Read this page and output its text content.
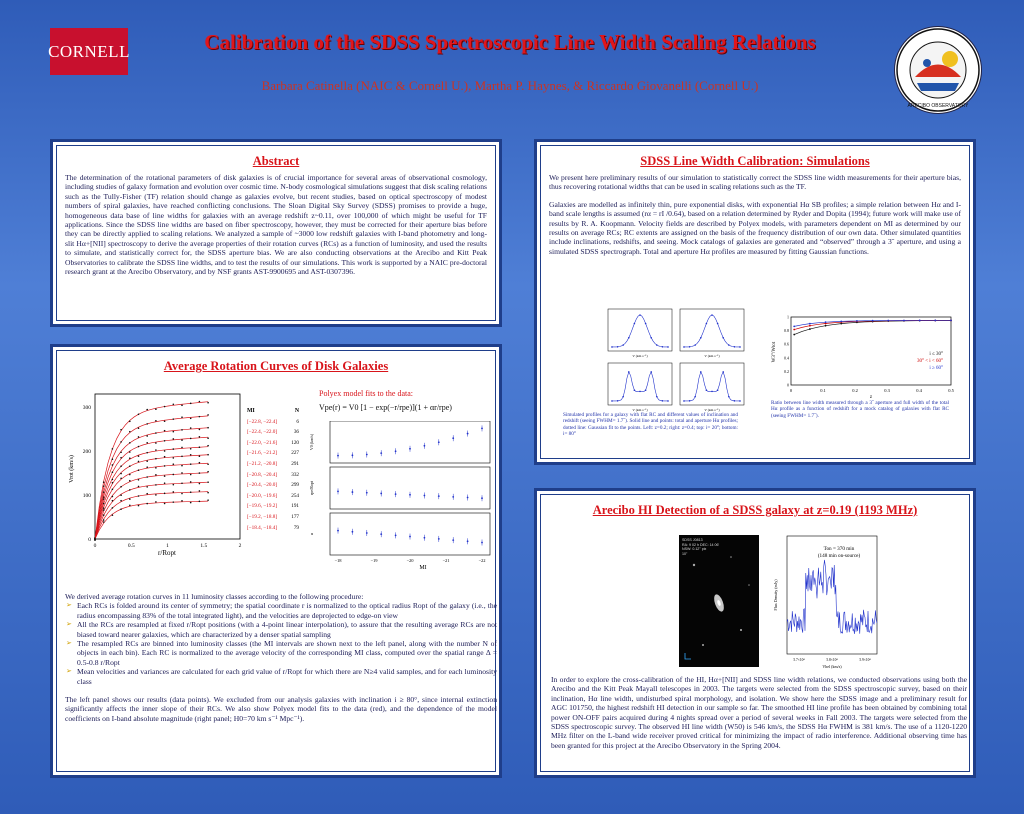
CORNELL	Calibration of the SDSS Spectroscopic Line Width Scaling Relations
Barbara Catinella (NAIC & Cornell U.), Martha P. Haynes, & Riccardo Giovanelli (Cornell U.)
ARECIBO OBSERVATORY
Abstract
The determination of the rotational parameters of disk galaxies is of crucial importance for several areas of observational cosmology, including studies of galaxy formation and evolution over cosmic time. N-body cosmological simulations suggest that disk scaling relations such as the Tully-Fisher (TF) relation should change as galaxies evolve, but recent studies, based on optical spectroscopy of modest numbers of spiral galaxies, have reached conflicting conclusions. The Sloan Digital Sky Survey (SDSS) promises to provide a huge, homogeneous data base of line widths for galaxies with an average redshift z~0.11, over 100,000 of which might be useful for TF applications. Since the SDSS line widths are based on fiber spectroscopy, however, they must be corrected for their aperture bias before they can be directly applied to scaling relations. We analyzed a sample of ~3000 low redshift galaxies with I-band photometry and long-slit Hα+[NII] spectroscopy to derive the average properties of their rotation curves (RCs) as a function of luminosity, and used the results to simulate, and statistically correct for, the SDSS aperture bias. We are also conducting observations at the Arecibo and Kitt Peak Observatories to calibrate the SDSS line widths, and to test the results of our simulations. This work is supported by a NAIC pre-doctoral research grant at the Arecibo Observatory, and by NSF grants AST-9900695 and AST-0307396.
Average Rotation Curves of Disk Galaxies
r/Ropt
Vrot (km/s)
0	0.5	1	1.5	2
0
100
200
300	MI	N
[−22.8, −22.4]	6
[−22.4, −22.0]	36
[−22.0, −21.6]	120
[−21.6, −21.2]	227
[−21.2, −20.8]	291
[−20.8, −20.4]	332
[−20.4, −20.0]	299
[−20.0, −19.6]	254
[−19.6, −19.2]	191
[−19.2, −18.8]	177
[−18.4, −18.4]	79
Polyex model fits to the data:
Vpe(r) = V0 [1 − exp(−r/rpe)](1 + αr/rpe)
V0 (km/s)
rpe/Ropt
α
−18	−19	−20	−21	−22
MI
We derived average rotation curves in 11 luminosity classes according to the following procedure:
➢ Each RCs is folded around its center of symmetry; the spatial coordinate r is normalized to the optical radius Ropt of the galaxy (i.e., the radius encompassing 83% of the total integrated light), and the velocities are deprojected to edge-on view
➢ All the RCs are resampled at fixed r/Ropt positions (with a 4-point linear interpolation), to assure that the resulting average RCs are not biased toward nearer galaxies, which are characterized by a denser spatial sampling
➢ The resampled RCs are binned into luminosity classes (the MI intervals are shown next to the left panel, along with the number N of objects in each bin). Each RC is normalized to the average velocity of the corresponding MI class, computed over the spatial range Δ = 0.5-0.8 r/Ropt
➢ Mean velocities and variances are calculated for each grid value of r/Ropt for which there are N≥4 valid samples, and for each luminosity class
The left panel shows our results (data points). We excluded from our analysis galaxies with inclination i ≥ 80°, since internal extinction significantly affects the inner slope of their RCs. We also show Polyex model fits to the data (red), and the dependence of the model coefficients on I-band absolute magnitude (right panel; H0=70 km s⁻¹ Mpc⁻¹).
SDSS Line Width Calibration: Simulations
We present here preliminary results of our simulation to statistically correct the SDSS line width measurements for their aperture bias, thus recovering rotational widths that can be used in scaling relations such as the TF.
Galaxies are modelled as infinitely thin, pure exponential disks, with exponential Hα SB profiles; a simple relation between Hα and I-band scale lengths is assumed (rα = rI /0.64), based on a relation determined by Ryder and Dopita (1994); future work will make use of results by R. A. Koopmann. Velocity fields are described by Polyex models, with parameters dependent on MI as determined by our results on average RCs; RC extents are assigned on the basis of the frequency distribution of our own data. Other simulated quantities include inclinations, redshifts, and seeing. Mock catalogs of galaxies are generated and “observed” through a 3˝ aperture, and using a simulated SDSS spectrograph. Total and aperture Hα profiles are measured by fitting Gaussian functions.
V (km s⁻¹)	V (km s⁻¹)
V (km s⁻¹)	V (km s⁻¹)
Simulated profiles for a galaxy with flat RC and different values of inclination and redshift (seeing FWHM= 1.7˝). Solid line and points: total and aperture Hα profiles; dotted line: Gaussian fit to the points. Left: z=0.2; right: z=0.4; top: i= 20°; bottom: i= 80°
i ≤ 30°
30° < i < 60°
i ≥ 60°
0	0.1	0.2	0.3	0.4	0.5
0
0.2
0.4
0.6
0.8
1
z
W3"/Wtot
Ratio between line width measured through a 3˝ aperture and full width of the total Hα profile as a function of redshift for a mock catalog of galaxies with flat RC (seeing FWHM= 1.7˝).
Arecibo HI Detection of a SDSS galaxy at z=0.19 (1193 MHz)
SDSS J0813
RA: 9 02 h DEC: 14 06'
NSW: 0.12° pix
10"
Ton = 370 min
(148 min on-source)
Vhel (km/s)
Flux Density (mJy)
5.7×10⁴	5.8×10⁴	5.9×10⁴
In order to explore the cross-calibration of the HI, Hα+[NII] and SDSS line width relations, we conducted observations using both the Arecibo and the Kitt Peak Mayall telescopes in 2003. The targets were selected from the SDSS spectroscopic survey, based on their inclination, Hα line width, undisturbed spiral morphology, and isolation. We show here the SDSS image and a preliminary result for AGC 101750, the highest redshift HI detection in our sample so far. The smoothed HI line profile has been obtained by combining total power ON-OFF pairs acquired during 4 nights spread over a period of several weeks in Fall 2003. The targets were selected from the SDSS spectroscopic survey. The observed HI line width (W50) is 546 km/s, the SDSS Hα FWHM is 381 km/s. The use of a 1120-1220 MHz filter on the L-band wide receiver proved critical for minimizing the impact of radio interference. Additional observing time has been granted for this project at the Arecibo Observatory in the Spring 2004.
